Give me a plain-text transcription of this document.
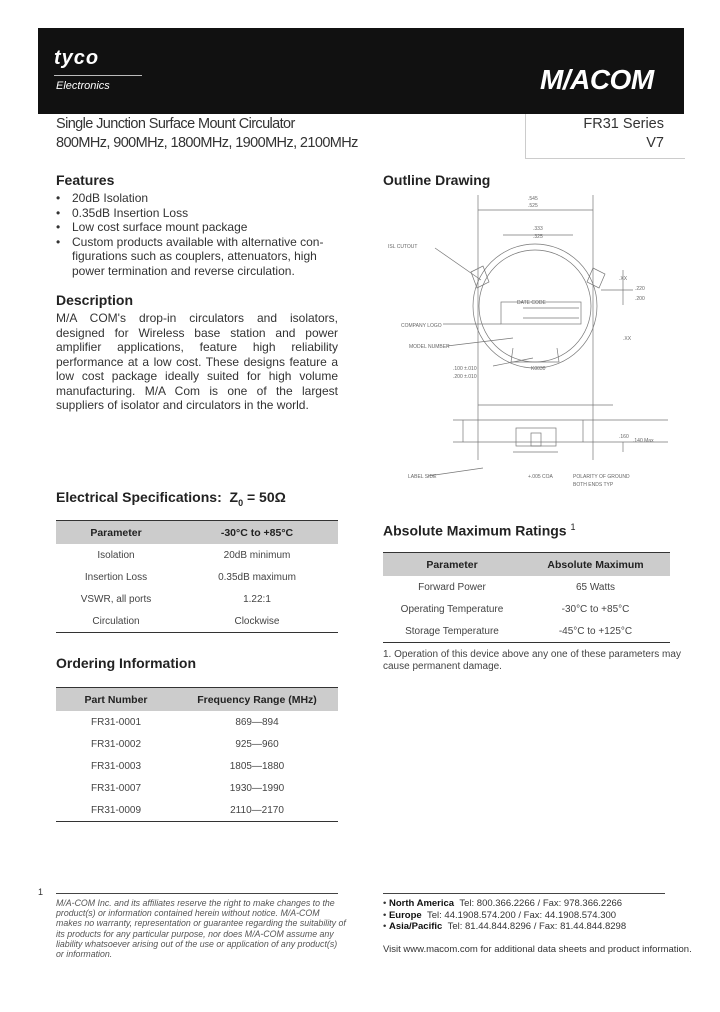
tyco
Electronics	M/ACOM
Single Junction Surface Mount Circulator
800MHz, 900MHz, 1800MHz, 1900MHz, 2100MHz
FR31 Series
V7
Features
• 20dB Isolation
• 0.35dB Insertion Loss
• Low cost surface mount package
• Custom products available with alternative con-
figurations such as couplers, attenuators, high
power termination and reverse circulation.
Description
M/A COM's drop-in circulators and isolators, designed for Wireless base station and power amplifier applications, feature high reliability performance at a low cost. These designs feature a low cost package ideally suited for high volume manufacturing. M/A Com is one of the largest suppliers of isolator and circulators in the world.
Outline Drawing
.545
.525
.333
.325
ISL CUTOUT
COMPANY LOGO
MODEL NUMBER
DATE CODE
.220
.200
.100 ±.010
.200 ±.010
K0030
.XX
.XX
.160
.140 Max
LABEL SIDE	+.005 COA	POLARITY OF GROUND
BOTH ENDS TYP
Electrical Specifications: $Z_0 = 50\Omega$
Parameter	-30°C to +85°C
Isolation	20dB minimum
Insertion Loss	0.35dB maximum
VSWR, all ports	1.22:1
Circulation	Clockwise
Ordering Information
Part Number	Frequency Range (MHz)
FR31-0001	869—894
FR31-0002	925—960
FR31-0003	1805—1880
FR31-0007	1930—1990
FR31-0009	2110—2170
Absolute Maximum Ratings $^1$
Parameter	Absolute Maximum
Forward Power	65 Watts
Operating Temperature	-30°C to +85°C
Storage Temperature	-45°C to +125°C
1. Operation of this device above any one of these parameters may cause permanent damage.
1
M/A-COM Inc. and its affiliates reserve the right to make changes to the product(s) or information contained herein without notice. M/A-COM makes no warranty, representation or guarantee regarding the suitability of its products for any particular purpose, nor does M/A-COM assume any liability whatsoever arising out of the use or application of any product(s) or information.
• North America Tel: 800.366.2266 / Fax: 978.366.2266
• Europe Tel: 44.1908.574.200 / Fax: 44.1908.574.300
• Asia/Pacific Tel: 81.44.844.8296 / Fax: 81.44.844.8298
Visit www.macom.com for additional data sheets and product information.
